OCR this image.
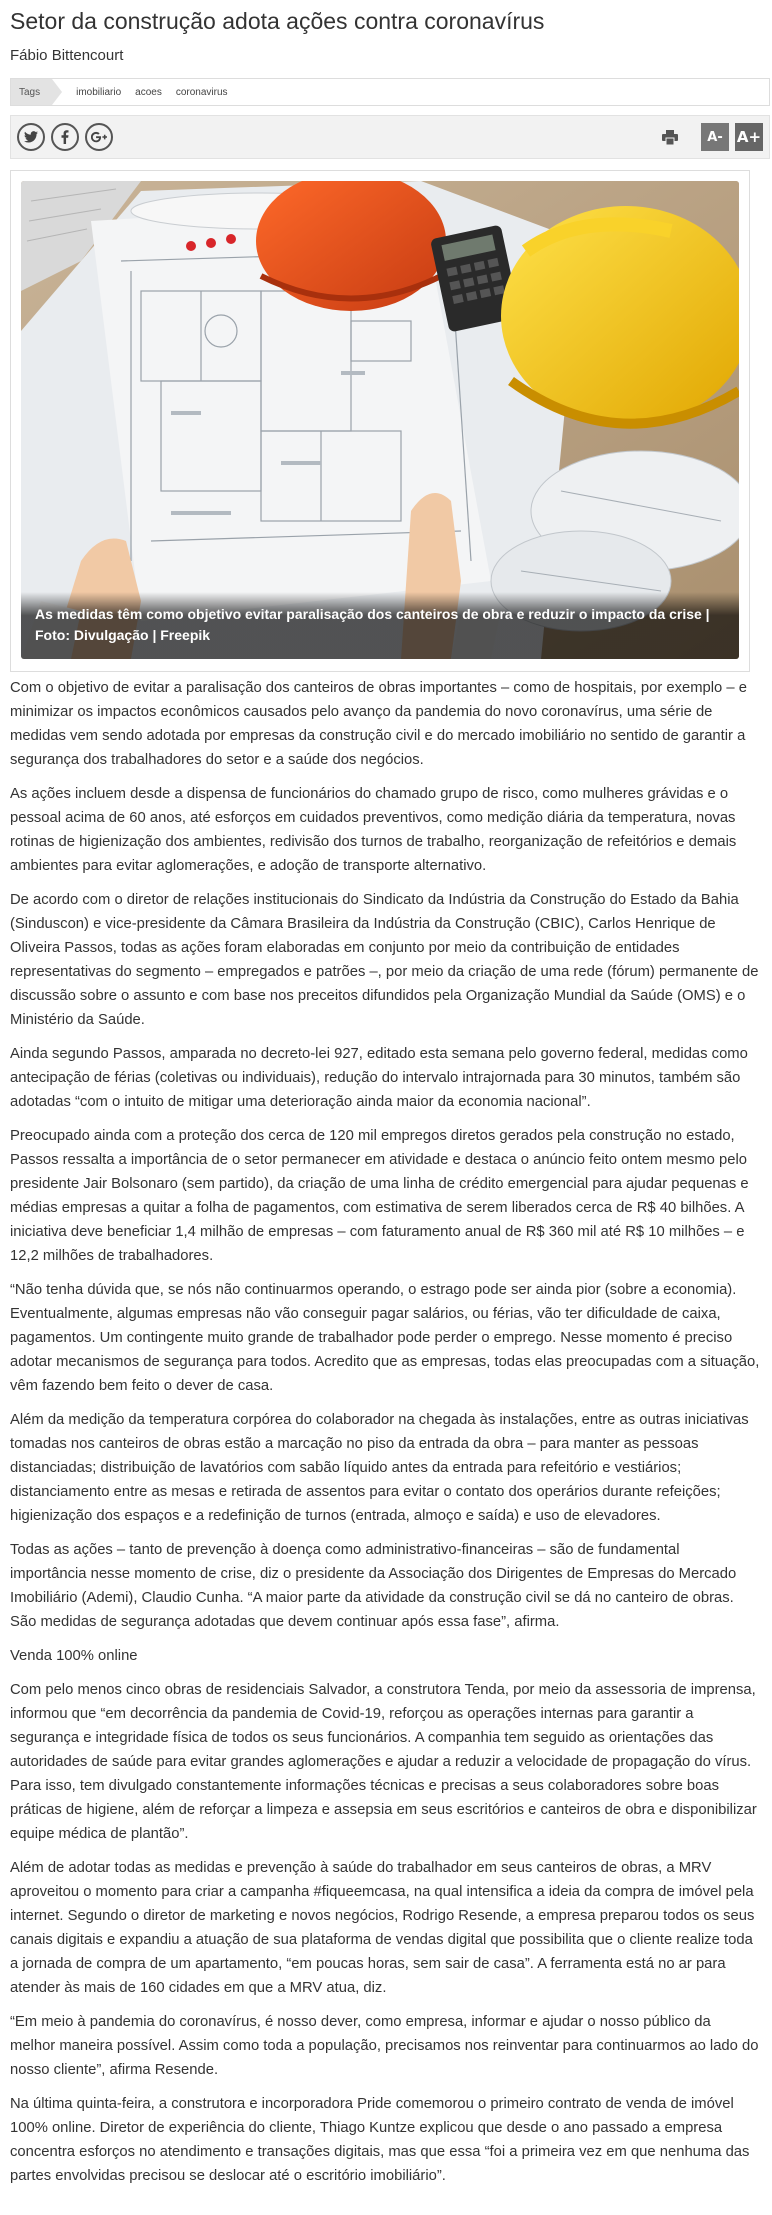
Setor da construção adota ações contra coronavírus
Fábio Bittencourt
Tags	imobiliario acoes coronavirus
A- A+
As medidas têm como objetivo evitar paralisação dos canteiros de obra e reduzir o impacto da crise | Foto: Divulgação | Freepik

Com o objetivo de evitar a paralisação dos canteiros de obras importantes – como de hospitais, por exemplo – e minimizar os impactos econômicos causados pelo avanço da pandemia do novo coronavírus, uma série de medidas vem sendo adotada por empresas da construção civil e do mercado imobiliário no sentido de garantir a segurança dos trabalhadores do setor e a saúde dos negócios.

As ações incluem desde a dispensa de funcionários do chamado grupo de risco, como mulheres grávidas e o pessoal acima de 60 anos, até esforços em cuidados preventivos, como medição diária da temperatura, novas rotinas de higienização dos ambientes, redivisão dos turnos de trabalho, reorganização de refeitórios e demais ambientes para evitar aglomerações, e adoção de transporte alternativo.

De acordo com o diretor de relações institucionais do Sindicato da Indústria da Construção do Estado da Bahia (Sinduscon) e vice-presidente da Câmara Brasileira da Indústria da Construção (CBIC), Carlos Henrique de Oliveira Passos, todas as ações foram elaboradas em conjunto por meio da contribuição de entidades representativas do segmento – empregados e patrões –, por meio da criação de uma rede (fórum) permanente de discussão sobre o assunto e com base nos preceitos difundidos pela Organização Mundial da Saúde (OMS) e o Ministério da Saúde.

Ainda segundo Passos, amparada no decreto-lei 927, editado esta semana pelo governo federal, medidas como antecipação de férias (coletivas ou individuais), redução do intervalo intrajornada para 30 minutos, também são adotadas “com o intuito de mitigar uma deterioração ainda maior da economia nacional”.

Preocupado ainda com a proteção dos cerca de 120 mil empregos diretos gerados pela construção no estado, Passos ressalta a importância de o setor permanecer em atividade e destaca o anúncio feito ontem mesmo pelo presidente Jair Bolsonaro (sem partido), da criação de uma linha de crédito emergencial para ajudar pequenas e médias empresas a quitar a folha de pagamentos, com estimativa de serem liberados cerca de R$ 40 bilhões. A iniciativa deve beneficiar 1,4 milhão de empresas – com faturamento anual de R$ 360 mil até R$ 10 milhões – e 12,2 milhões de trabalhadores.

“Não tenha dúvida que, se nós não continuarmos operando, o estrago pode ser ainda pior (sobre a economia). Eventualmente, algumas empresas não vão conseguir pagar salários, ou férias, vão ter dificuldade de caixa, pagamentos. Um contingente muito grande de trabalhador pode perder o emprego. Nesse momento é preciso adotar mecanismos de segurança para todos. Acredito que as empresas, todas elas preocupadas com a situação, vêm fazendo bem feito o dever de casa.

Além da medição da temperatura corpórea do colaborador na chegada às instalações, entre as outras iniciativas tomadas nos canteiros de obras estão a marcação no piso da entrada da obra – para manter as pessoas distanciadas; distribuição de lavatórios com sabão líquido antes da entrada para refeitório e vestiários; distanciamento entre as mesas e retirada de assentos para evitar o contato dos operários durante refeições; higienização dos espaços e a redefinição de turnos (entrada, almoço e saída) e uso de elevadores.

Todas as ações – tanto de prevenção à doença como administrativo-financeiras – são de fundamental importância nesse momento de crise, diz o presidente da Associação dos Dirigentes de Empresas do Mercado Imobiliário (Ademi), Claudio Cunha. “A maior parte da atividade da construção civil se dá no canteiro de obras. São medidas de segurança adotadas que devem continuar após essa fase”, afirma.

Venda 100% online

Com pelo menos cinco obras de residenciais Salvador, a construtora Tenda, por meio da assessoria de imprensa, informou que “em decorrência da pandemia de Covid-19, reforçou as operações internas para garantir a segurança e integridade física de todos os seus funcionários. A companhia tem seguido as orientações das autoridades de saúde para evitar grandes aglomerações e ajudar a reduzir a velocidade de propagação do vírus. Para isso, tem divulgado constantemente informações técnicas e precisas a seus colaboradores sobre boas práticas de higiene, além de reforçar a limpeza e assepsia em seus escritórios e canteiros de obra e disponibilizar equipe médica de plantão”.

Além de adotar todas as medidas e prevenção à saúde do trabalhador em seus canteiros de obras, a MRV aproveitou o momento para criar a campanha #fiqueemcasa, na qual intensifica a ideia da compra de imóvel pela internet. Segundo o diretor de marketing e novos negócios, Rodrigo Resende, a empresa preparou todos os seus canais digitais e expandiu a atuação de sua plataforma de vendas digital que possibilita que o cliente realize toda a jornada de compra de um apartamento, “em poucas horas, sem sair de casa”. A ferramenta está no ar para atender às mais de 160 cidades em que a MRV atua, diz.

“Em meio à pandemia do coronavírus, é nosso dever, como empresa, informar e ajudar o nosso público da melhor maneira possível. Assim como toda a população, precisamos nos reinventar para continuarmos ao lado do nosso cliente”, afirma Resende.

Na última quinta-feira, a construtora e incorporadora Pride comemorou o primeiro contrato de venda de imóvel 100% online. Diretor de experiência do cliente, Thiago Kuntze explicou que desde o ano passado a empresa concentra esforços no atendimento e transações digitais, mas que essa “foi a primeira vez em que nenhuma das partes envolvidas precisou se deslocar até o escritório imobiliário”.
